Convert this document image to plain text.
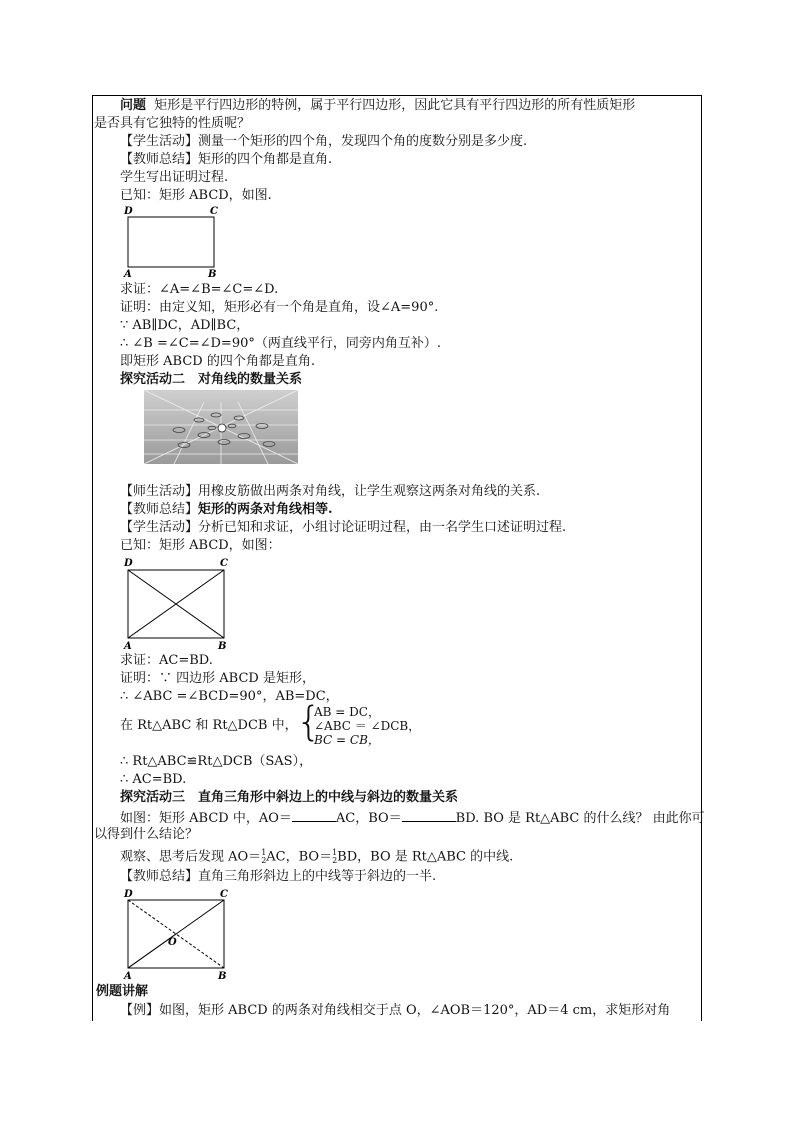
问题 矩形是平行四边形的特例，属于平行四边形，因此它具有平行四边形的所有性质矩形
是否具有它独特的性质呢？
【学生活动】测量一个矩形的四个角，发现四个角的度数分别是多少度.
【教师总结】矩形的四个角都是直角.
学生写出证明过程.
已知：矩形 ABCD，如图.
D	C
A	B
求证：∠A=∠B=∠C=∠D.
证明：由定义知，矩形必有一个角是直角，设∠A=90°.
∵ AB∥DC，AD∥BC，
∴ ∠B =∠C=∠D=90°（两直线平行，同旁内角互补）.
即矩形 ABCD 的四个角都是直角.
探究活动二　对角线的数量关系
【师生活动】用橡皮筋做出两条对角线，让学生观察这两条对角线的关系.
【教师总结】矩形的两条对角线相等.
【学生活动】分析已知和求证，小组讨论证明过程，由一名学生口述证明过程.
已知：矩形 ABCD，如图：
D	C
A	B
求证：AC=BD.
证明：∵ 四边形 ABCD 是矩形，
∴ ∠ABC =∠BCD=90°，AB=DC，
在 Rt△ABC 和 Rt△DCB 中，
{
AB = DC，
∠ABC ＝ ∠DCB，
BC = CB，
∴ Rt△ABC≌Rt△DCB（SAS），
∴ AC=BD.
探究活动三　直角三角形中斜边上的中线与斜边的数量关系
如图：矩形 ABCD 中，AO＝	AC，BO＝	BD. BO 是 Rt△ABC 的什么线？ 由此你可
以得到什么结论？
观察、思考后发现 AO＝ 1
2 AC，BO＝ 1
2 BD，BO 是 Rt△ABC 的中线.
【教师总结】直角三角形斜边上的中线等于斜边的一半.
D	C
O
A	B
例题讲解
【例】如图，矩形 ABCD 的两条对角线相交于点 O，∠AOB＝120°，AD＝4 cm，求矩形对角
